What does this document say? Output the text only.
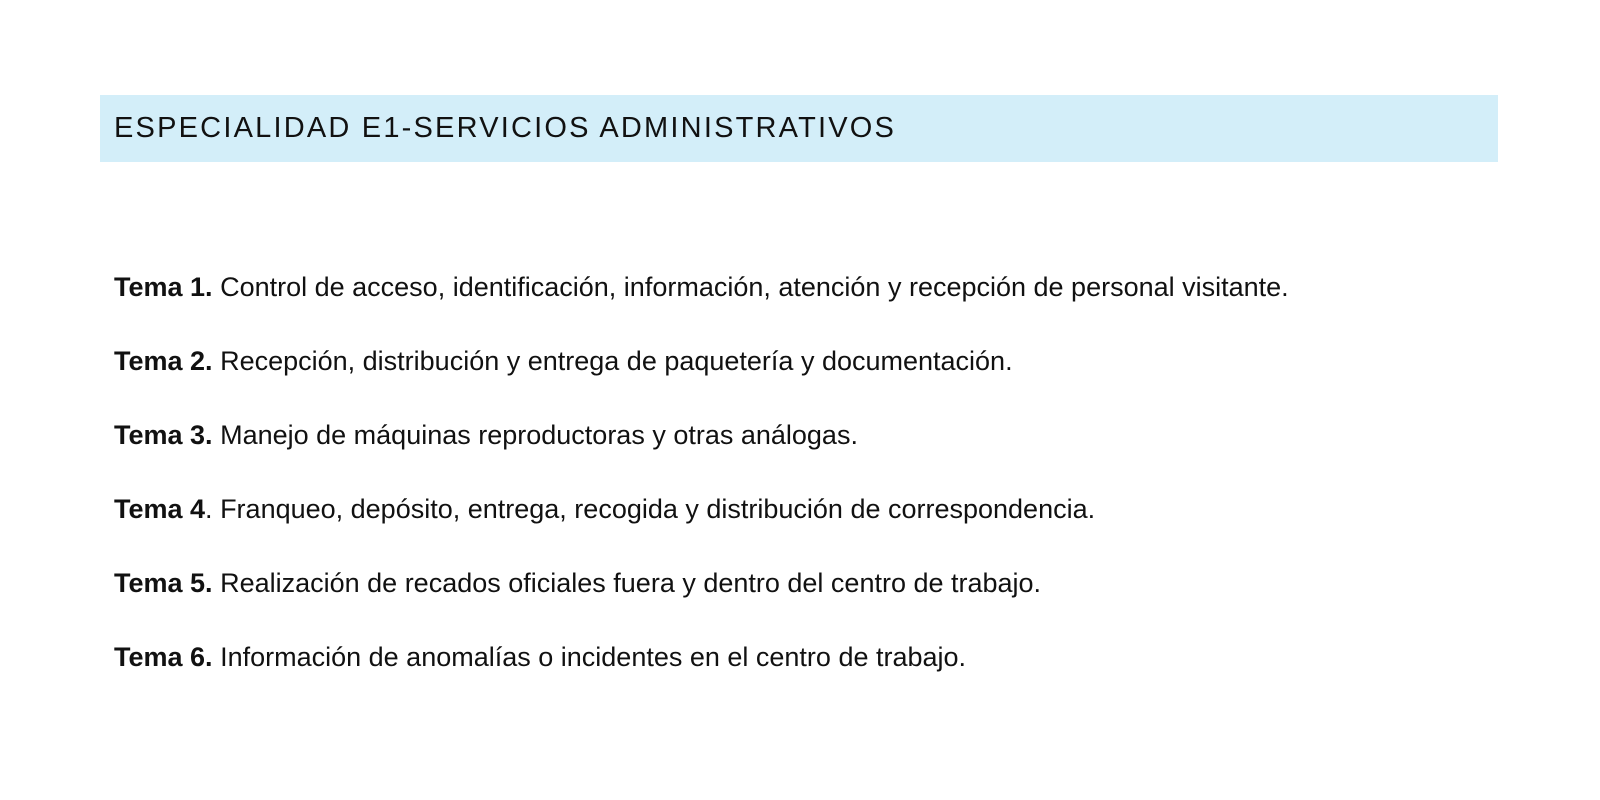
ESPECIALIDAD E1-SERVICIOS ADMINISTRATIVOS
Tema 1. Control de acceso, identificación, información, atención y recepción de personal visitante.
Tema 2. Recepción, distribución y entrega de paquetería y documentación.
Tema 3. Manejo de máquinas reproductoras y otras análogas.
Tema 4. Franqueo, depósito, entrega, recogida y distribución de correspondencia.
Tema 5. Realización de recados oficiales fuera y dentro del centro de trabajo.
Tema 6. Información de anomalías o incidentes en el centro de trabajo.
